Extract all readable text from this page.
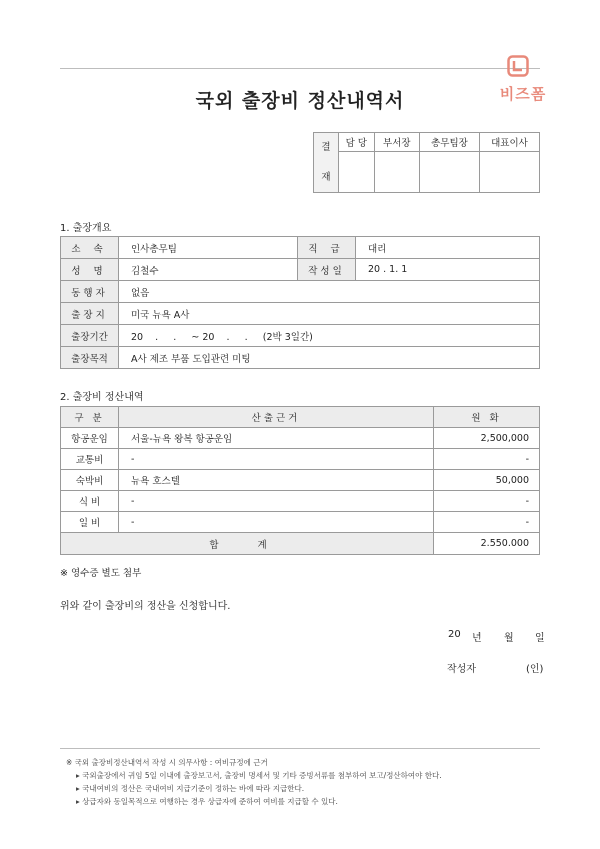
비즈폼
국외 출장비 정산내역서
결
재	담 당	부서장	총무팀장	대표이사

1. 출장개요
소 속	인사총무팀	직 급	대리
성 명	김철수	작성일	20 . 1. 1
동행자	없음		
출장지	미국 뉴욕 A사		
출장기간	20    .     .     ~ 20    .     .     (2박 3일간)		
출장목적	A사 제조 부품 도입관련 미팅		
2. 출장비 정산내역
구 분	산출근거	원 화
항공운임	서울-뉴욕 왕복 항공운임	2,500,000
교통비	-	-
숙박비	뉴욕 호스텔	50,000
식 비	-	-
일 비	-	-
합 계		2.550.000
※ 영수증 별도 첨부
위와 같이 출장비의 정산을 신청합니다.
20 년 월 일
작성자	(인)
※ 국외 출장비정산내역서 작성 시 의무사항 : 여비규정에 근거
▸ 국외출장에서 귀임 5일 이내에 출장보고서, 출장비 명세서 및 기타 증빙서류를 첨부하여 보고/정산하여야 한다.
▸ 국내여비의 정산은 국내여비 지급기준이 정하는 바에 따라 지급한다.
▸ 상급자와 동일목적으로 여행하는 경우 상급자에 준하여 여비를 지급할 수 있다.
